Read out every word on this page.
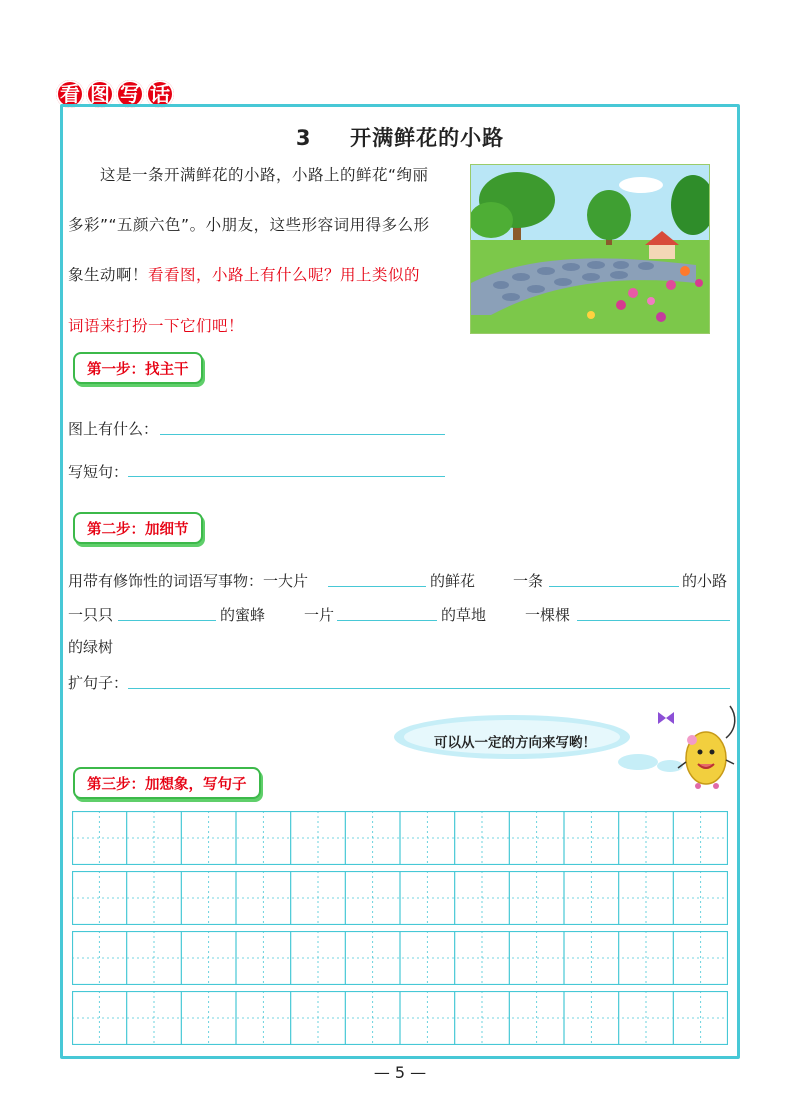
看 图 写 话
3 开满鲜花的小路
这是一条开满鲜花的小路，小路上的鲜花“绚丽
多彩”“五颜六色”。小朋友，这些形容词用得多么形
象生动啊！看看图，小路上有什么呢？用上类似的
词语来打扮一下它们吧！
第一步：找主干
图上有什么：
写短句：
第二步：加细节
用带有修饰性的词语写事物：一大片	的鲜花	一条	的小路
一只只	的蜜蜂	一片	的草地	一棵棵
的绿树
扩句子：
可以从一定的方向来写哟！
第三步：加想象，写句子
— 5 —
